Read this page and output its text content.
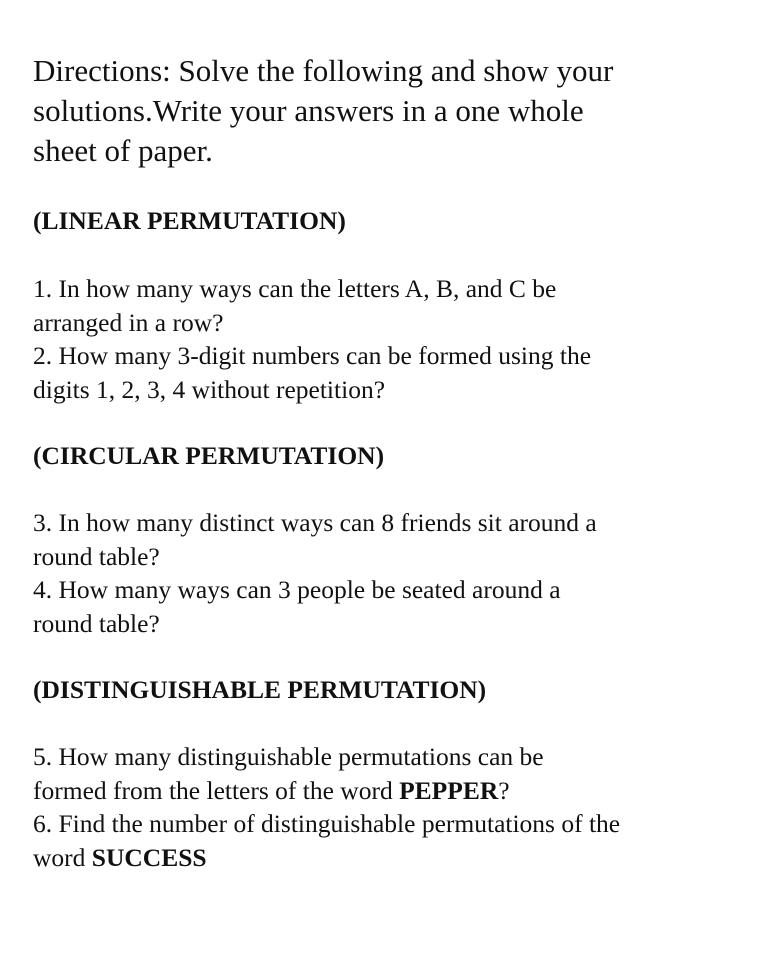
Directions: Solve the following and show your
solutions.Write your answers in a one whole
sheet of paper.

(LINEAR PERMUTATION)

1. In how many ways can the letters A, B, and C be
arranged in a row?

2. How many 3-digit numbers can be formed using the
digits 1, 2, 3, 4 without repetition?

(CIRCULAR PERMUTATION)

3. In how many distinct ways can 8 friends sit around a
round table?

4. How many ways can 3 people be seated around a
round table?

(DISTINGUISHABLE PERMUTATION)

5. How many distinguishable permutations can be
formed from the letters of the word PEPPER?

6. Find the number of distinguishable permutations of the
word SUCCESS
